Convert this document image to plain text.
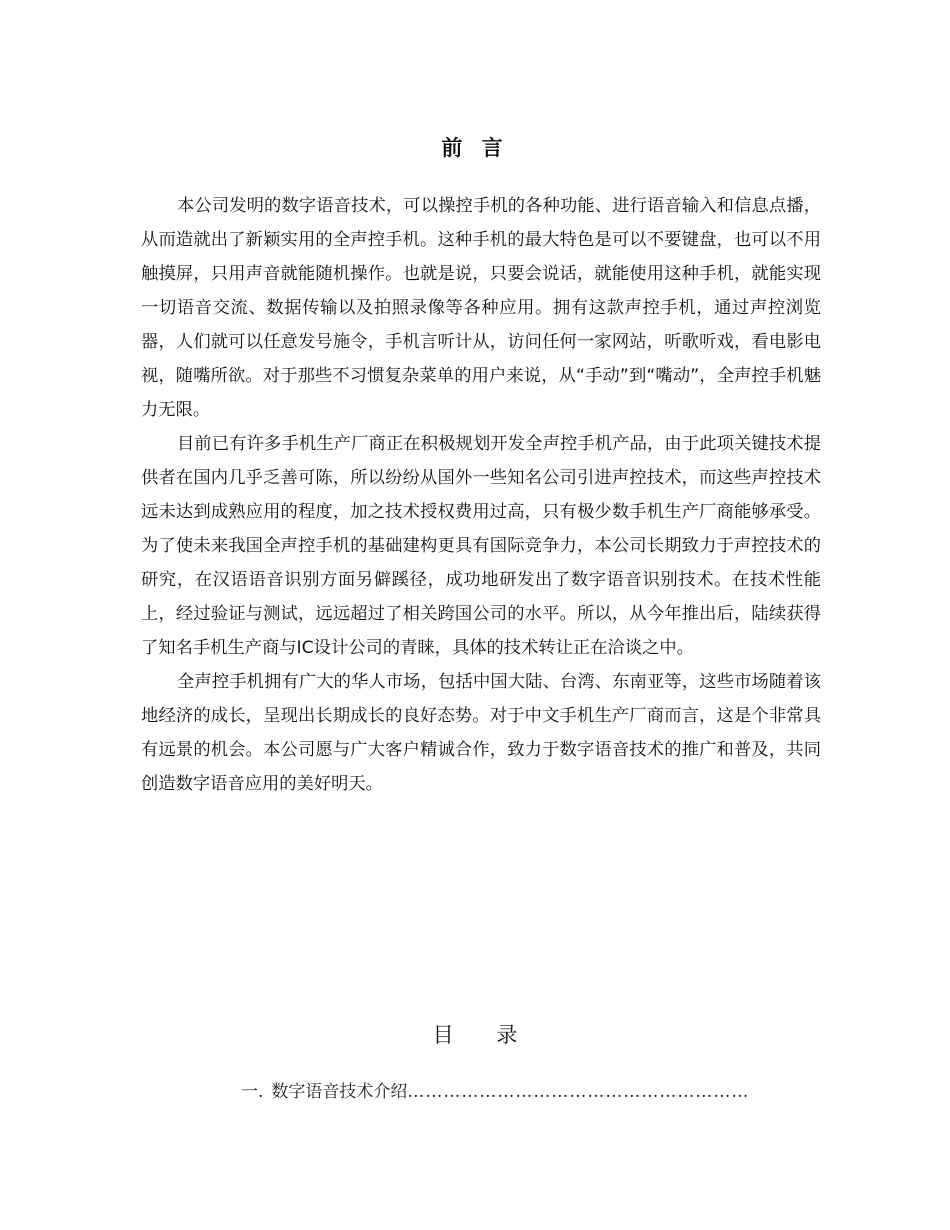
前 言

本公司发明的数字语音技术，可以操控手机的各种功能、进行语音输入和信息点播，从而造就出了新颖实用的全声控手机。这种手机的最大特色是可以不要键盘，也可以不用触摸屏，只用声音就能随机操作。也就是说，只要会说话，就能使用这种手机，就能实现一切语音交流、数据传输以及拍照录像等各种应用。拥有这款声控手机，通过声控浏览器，人们就可以任意发号施令，手机言听计从，访问任何一家网站，听歌听戏，看电影电视，随嘴所欲。对于那些不习惯复杂菜单的用户来说，从“手动”到“嘴动”，全声控手机魅力无限。

目前已有许多手机生产厂商正在积极规划开发全声控手机产品，由于此项关键技术提供者在国内几乎乏善可陈，所以纷纷从国外一些知名公司引进声控技术，而这些声控技术远未达到成熟应用的程度，加之技术授权费用过高，只有极少数手机生产厂商能够承受。为了使未来我国全声控手机的基础建构更具有国际竞争力，本公司长期致力于声控技术的研究，在汉语语音识别方面另僻蹊径，成功地研发出了数字语音识别技术。在技术性能上，经过验证与测试，远远超过了相关跨国公司的水平。所以，从今年推出后，陆续获得了知名手机生产商与IC设计公司的青睐，具体的技术转让正在洽谈之中。

全声控手机拥有广大的华人市场，包括中国大陆、台湾、东南亚等，这些市场随着该地经济的成长，呈现出长期成长的良好态势。对于中文手机生产厂商而言，这是个非常具有远景的机会。本公司愿与广大客户精诚合作，致力于数字语音技术的推广和普及，共同创造数字语音应用的美好明天。

目 录
一. 数字语音技术介绍…………………………………………………
